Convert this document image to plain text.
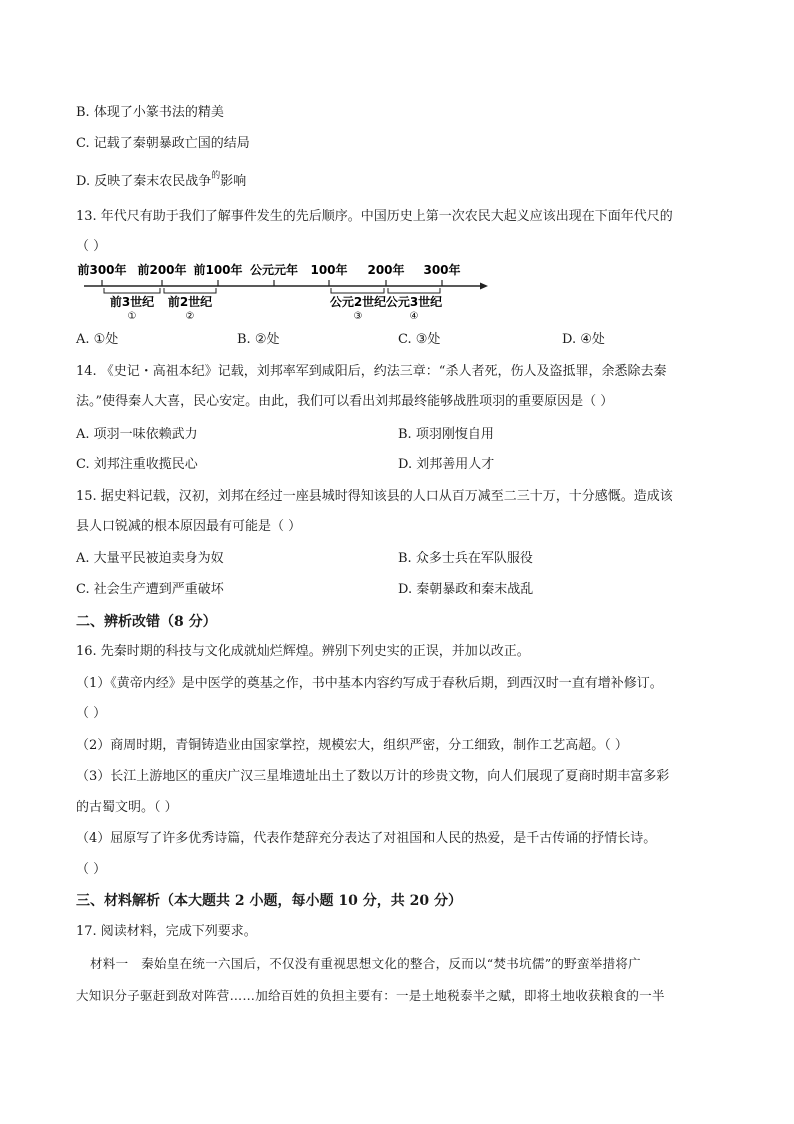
B. 体现了小篆书法的精美
C. 记载了秦朝暴政亡国的结局
D. 反映了秦末农民战争$^的$影响
13. 年代尺有助于我们了解事件发生的先后顺序。中国历史上第一次农民大起义应该出现在下面年代尺的
（ ）
前300年 前200年 前100年 公元元年 100年 200年 300年
前3世纪 前2世纪	公元2世纪 公元3世纪
①	②	③	④
A. ①处	B. ②处	C. ③处	D. ④处
14. 《史记・高祖本纪》记载，刘邦率军到咸阳后，约法三章：“杀人者死，伤人及盗抵罪，余悉除去秦
法。”使得秦人大喜，民心安定。由此，我们可以看出刘邦最终能够战胜项羽的重要原因是（ ）
A. 项羽一味依赖武力	B. 项羽刚愎自用
C. 刘邦注重收揽民心	D. 刘邦善用人才
15. 据史料记载，汉初，刘邦在经过一座县城时得知该县的人口从百万减至二三十万，十分感慨。造成该
县人口锐减的根本原因最有可能是（ ）
A. 大量平民被迫卖身为奴	B. 众多士兵在军队服役
C. 社会生产遭到严重破坏	D. 秦朝暴政和秦末战乱
二、辨析改错（8 分）
16. 先秦时期的科技与文化成就灿烂辉煌。辨别下列史实的正误，并加以改正。
（1）《黄帝内经》是中医学的奠基之作，书中基本内容约写成于春秋后期，到西汉时一直有增补修订。
（ ）
（2）商周时期，青铜铸造业由国家掌控，规模宏大，组织严密，分工细致，制作工艺高超。（ ）
（3）长江上游地区的重庆广汉三星堆遗址出土了数以万计的珍贵文物，向人们展现了夏商时期丰富多彩
的古蜀文明。（ ）
（4）屈原写了许多优秀诗篇，代表作楚辞充分表达了对祖国和人民的热爱，是千古传诵的抒情长诗。
（ ）
三、材料解析（本大题共 2 小题，每小题 10 分，共 20 分）
17. 阅读材料，完成下列要求。
材料一　秦始皇在统一六国后，不仅没有重视思想文化的整合，反而以“焚书坑儒”的野蛮举措将广
大知识分子驱赶到敌对阵营……加给百姓的负担主要有：一是土地税泰半之赋，即将土地收获粮食的一半
